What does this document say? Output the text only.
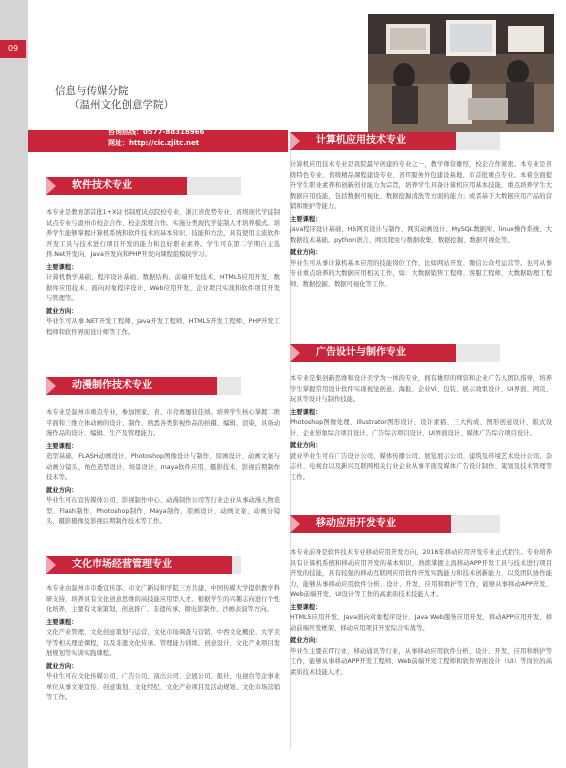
09
信息与传媒分院
（温州文化创意学院）
咨询热线：0577-88318966
网址：http://cic.zjitc.net
软件技术专业

本专业是教育部首批1+X证书制度试点院校专业、浙江省优势专业、省级现代学徒制试点专业与温州市校企合作、校企深度合作。实施分类现代学徒制人才培养模式。培养学生能够掌握计算机系统和软件技术的基本知识、技能和方法，具有使用主流软件开发工具与技术进行项目开发的能力和良好职业素养。学生可在第二学期自主选择.Net开发向、Java开发向和PHP开发向课程组模块学习。

主要课程：

计算机数学基础、程序设计基础、数据结构、前端开发技术、HTML5应用开发、数据库应用技术、面向对象程序设计、Web应用开发、企业项目实战和软件项目开发与管理等。

就业方向：

毕业生可从事.NET开发工程师、Java开发工程师、HTML5开发工程师、PHP开发工程师和软件界面设计师等工作。

动漫制作技术专业

本专业是温州市重点专业，参加国家、省、市竞赛屡获佳绩。培养学生核心掌握二维平面和三维立体动画的设计、制作、熟悉各类影视作品的拍摄、编辑、渲染，具备动漫作品的设计、编辑、生产及管理能力。

主要课程：

造型基础、FLASH动画设计、Photoshop图像设计与制作、原画设计、动画文案与动画分镜头、角色造型设计、场景设计、maya软件应用、摄影技术、影视后期制作技术等。

就业方向：

毕业生可在宣传媒体公司、影视制作中心、动漫制作公司等行业企业从事动漫人物造型、Flash制作、Photoshop制作、Maya制作、原画设计、动画文案、动画分镜头、摄影摄像及影视后期制作技术等工作。

文化市场经营管理专业

本专业由温州市市委宣传部、市文广新局和学院三方共建，中国传媒大学提供教学科研支持，培养具有文化创意思维的高技能应用型人才。根据学生的兴趣志向进行个性化培养，主要有文案策划、创意推广、非遗传承、微电影制作、沙画表演等方向。

主要课程：

文化产业管理、文化创意策划与运营、文化市场调查与营销、中西文化概论、大学美学等相关理论课程，以及非遗文化传承、管理能力训练、创意设计、文化产业项目发展规划等实训实践课程。

就业方向：

毕业生可在文化传媒公司、广告公司、演出公司、会展公司、报社、电视台等企事业单位从事文案宣传、创意策划、文化经纪、文化产业项目及活动规划、文化市场营销等工作。

计算机应用技术专业

计算机应用技术专业是我院最早创建的专业之一，教学师资雄厚，校企合作紧密。本专业是省级特色专业、省级精品课程建设专业、省IT服务外包建设基地、市首批重点专业。本着全面提升学生职业素养和创新创业能力为宗旨，培养学生具备计算机应用基本技能，重点培养学生大数据应用技能，包括数据可视化、数据挖掘清洗等方面的能力；或者基于大数据应用产品的营销和维护等能力。

主要课程：

java程序设计基础、H5网页设计与制作、网页动画设计、MySQL数据库、linux操作系统、大数据技术基础、python语言、网页爬虫与数据收集、数据挖掘、数据可视化等。

就业方向：

毕业生可从事计算机基本应用的技能岗位工作，比如网站开发、微信公众号运营等。也可从事专业重点培养的大数据应用相关工作，如：大数据销售工程师、客服工程师、大数据助理工程师、数据挖掘、数据可视化等工作。

广告设计与制作专业

本专业是集创新思维和设计美学为一体的专业，拥有雄厚的师资和企业广告人团队指导，培养学生掌握常用设计软件实现视觉创意、海报、企业VI、包装、展示效果设计、UI界面、网页、玩具等设计与制作技能。

主要课程：

Photoshop图像处理、Illustrator图形设计、设计素描、三大构成、图形创意设计、版式设计、企业形象综合项目设计、广告综合项目设计、UI界面设计、媒体广告综合项目设计。

就业方向：

就业毕业生可在广告设计公司、媒体传播公司、展览展示公司、建筑及环境艺术设计公司、杂志社、电视台以及新兴互联网相关行业企业从事平面及媒体广告设计制作、策划及技术管理等工作。

移动应用开发专业

本专业前身是软件技术专业移动应用开发方向，2016年移动应用开发专业正式招生。专业培养具有计算机系统和移动应用开发的基本知识，熟练掌握主流移动APP开发工具与技术进行项目开发的技能，具有较强的移动互联网应用软件开发实践能力和技术创新能力，以及团队协作能力，能够从事移动应用软件分析、设计、开发、应用和维护等工作，能够从事移动APP开发、Web前端开发、UI设计等工作的高素质技术技能人才。

主要课程：

HTML5应用开发、Java面向对象程序设计、Java Web服务应用开发、移动APP应用开发、移动前端开发框架、移动应用项目开发综合实战等。

就业方向：

毕业生主要在IT行业、移动通讯等行业，从事移动应用软件分析、设计、开发、应用和维护等工作，能够从事移动APP开发工程师、Web前端开发工程师和软件界面设计（UI）等岗位的高素质技术技能人才。
